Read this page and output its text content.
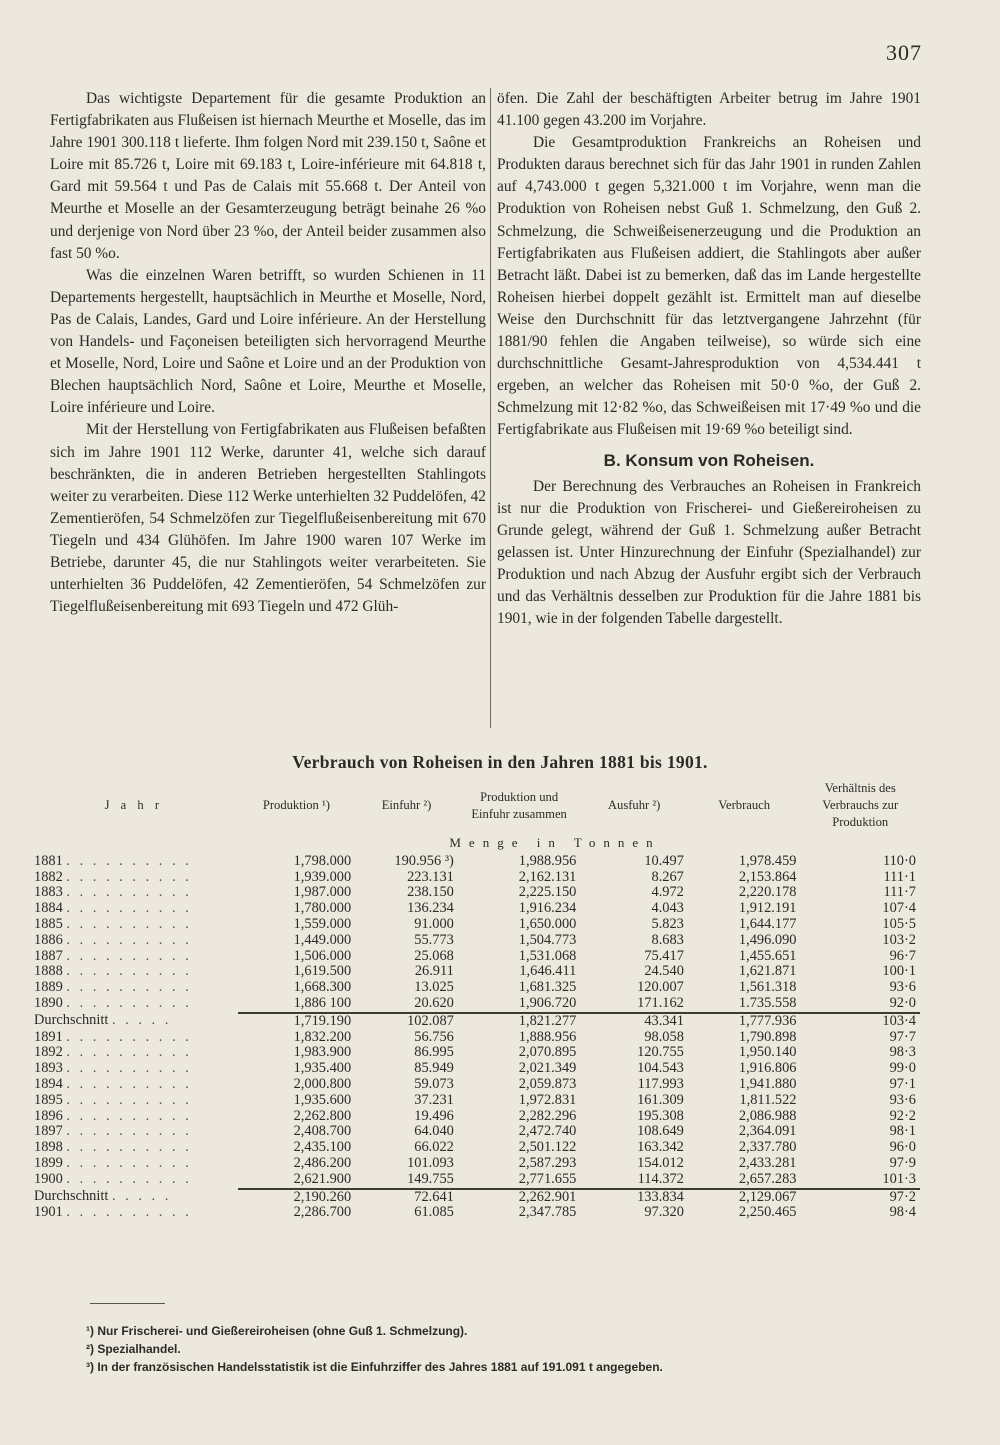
307

Das wichtigste Departement für die gesamte Produktion an Fertigfabrikaten aus Flußeisen ist hiernach Meurthe et Moselle, das im Jahre 1901 300.118 t lieferte. Ihm folgen Nord mit 239.150 t, Saône et Loire mit 85.726 t, Loire mit 69.183 t, Loire-inférieure mit 64.818 t, Gard mit 59.564 t und Pas de Calais mit 55.668 t. Der Anteil von Meurthe et Moselle an der Gesamterzeugung beträgt beinahe 26 %o und derjenige von Nord über 23 %o, der Anteil beider zusammen also fast 50 %o.

Was die einzelnen Waren betrifft, so wurden Schienen in 11 Departements hergestellt, hauptsächlich in Meurthe et Moselle, Nord, Pas de Calais, Landes, Gard und Loire inférieure. An der Herstellung von Handels- und Façoneisen beteiligten sich hervorragend Meurthe et Moselle, Nord, Loire und Saône et Loire und an der Produktion von Blechen hauptsächlich Nord, Saône et Loire, Meurthe et Moselle, Loire inférieure und Loire.

Mit der Herstellung von Fertigfabrikaten aus Flußeisen befaßten sich im Jahre 1901 112 Werke, darunter 41, welche sich darauf beschränkten, die in anderen Betrieben hergestellten Stahlingots weiter zu verarbeiten. Diese 112 Werke unterhielten 32 Puddelöfen, 42 Zementieröfen, 54 Schmelzöfen zur Tiegelflußeisenbereitung mit 670 Tiegeln und 434 Glühöfen. Im Jahre 1900 waren 107 Werke im Betriebe, darunter 45, die nur Stahlingots weiter verarbeiteten. Sie unterhielten 36 Puddelöfen, 42 Zementieröfen, 54 Schmelzöfen zur Tiegelflußeisenbereitung mit 693 Tiegeln und 472 Glüh-

öfen. Die Zahl der beschäftigten Arbeiter betrug im Jahre 1901 41.100 gegen 43.200 im Vorjahre.

Die Gesamtproduktion Frankreichs an Roheisen und Produkten daraus berechnet sich für das Jahr 1901 in runden Zahlen auf 4,743.000 t gegen 5,321.000 t im Vorjahre, wenn man die Produktion von Roheisen nebst Guß 1. Schmelzung, den Guß 2. Schmelzung, die Schweißeisenerzeugung und die Produktion an Fertigfabrikaten aus Flußeisen addiert, die Stahlingots aber außer Betracht läßt. Dabei ist zu bemerken, daß das im Lande hergestellte Roheisen hierbei doppelt gezählt ist. Ermittelt man auf dieselbe Weise den Durchschnitt für das letztvergangene Jahrzehnt (für 1881/90 fehlen die Angaben teilweise), so würde sich eine durchschnittliche Gesamt-Jahresproduktion von 4,534.441 t ergeben, an welcher das Roheisen mit 50·0 %o, der Guß 2. Schmelzung mit 12·82 %o, das Schweißeisen mit 17·49 %o und die Fertigfabrikate aus Flußeisen mit 19·69 %o beteiligt sind.

B. Konsum von Roheisen.

Der Berechnung des Verbrauches an Roheisen in Frankreich ist nur die Produktion von Frischerei- und Gießereiroheisen zu Grunde gelegt, während der Guß 1. Schmelzung außer Betracht gelassen ist. Unter Hinzurechnung der Einfuhr (Spezialhandel) zur Produktion und nach Abzug der Ausfuhr ergibt sich der Verbrauch und das Verhältnis desselben zur Produktion für die Jahre 1881 bis 1901, wie in der folgenden Tabelle dargestellt.

Verbrauch von Roheisen in den Jahren 1881 bis 1901.
J a h r	Produktion ¹)	Einfuhr ²)	Produktion und Einfuhr zusammen	Ausfuhr ²)	Verbrauch	Verhältnis des Verbrauchs zur Produktion
Menge in Tonnen						
1881 . . . . . . . . . .	1,798.000	190.956 ³)	1,988.956	10.497	1,978.459	110·0
1882 . . . . . . . . . .	1,939.000	223.131	2,162.131	8.267	2,153.864	111·1
1883 . . . . . . . . . .	1,987.000	238.150	2,225.150	4.972	2,220.178	111·7
1884 . . . . . . . . . .	1,780.000	136.234	1,916.234	4.043	1,912.191	107·4
1885 . . . . . . . . . .	1,559.000	91.000	1,650.000	5.823	1,644.177	105·5
1886 . . . . . . . . . .	1,449.000	55.773	1,504.773	8.683	1,496.090	103·2
1887 . . . . . . . . . .	1,506.000	25.068	1,531.068	75.417	1,455.651	96·7
1888 . . . . . . . . . .	1,619.500	26.911	1,646.411	24.540	1,621.871	100·1
1889 . . . . . . . . . .	1,668.300	13.025	1,681.325	120.007	1,561.318	93·6
1890 . . . . . . . . . .	1,886 100	20.620	1,906.720	171.162	1.735.558	92·0
Durchschnitt . . . . .	1,719.190	102.087	1,821.277	43.341	1,777.936	103·4
1891 . . . . . . . . . .	1,832.200	56.756	1,888.956	98.058	1,790.898	97·7
1892 . . . . . . . . . .	1,983.900	86.995	2,070.895	120.755	1,950.140	98·3
1893 . . . . . . . . . .	1,935.400	85.949	2,021.349	104.543	1,916.806	99·0
1894 . . . . . . . . . .	2,000.800	59.073	2,059.873	117.993	1,941.880	97·1
1895 . . . . . . . . . .	1,935.600	37.231	1,972.831	161.309	1,811.522	93·6
1896 . . . . . . . . . .	2,262.800	19.496	2,282.296	195.308	2,086.988	92·2
1897 . . . . . . . . . .	2,408.700	64.040	2,472.740	108.649	2,364.091	98·1
1898 . . . . . . . . . .	2,435.100	66.022	2,501.122	163.342	2,337.780	96·0
1899 . . . . . . . . . .	2,486.200	101.093	2,587.293	154.012	2,433.281	97·9
1900 . . . . . . . . . .	2,621.900	149.755	2,771.655	114.372	2,657.283	101·3
Durchschnitt . . . . .	2,190.260	72.641	2,262.901	133.834	2,129.067	97·2
1901 . . . . . . . . . .	2,286.700	61.085	2,347.785	97.320	2,250.465	98·4
¹) Nur Frischerei- und Gießereiroheisen (ohne Guß 1. Schmelzung).
²) Spezialhandel.
³) In der französischen Handelsstatistik ist die Einfuhrziffer des Jahres 1881 auf 191.091 t angegeben.
